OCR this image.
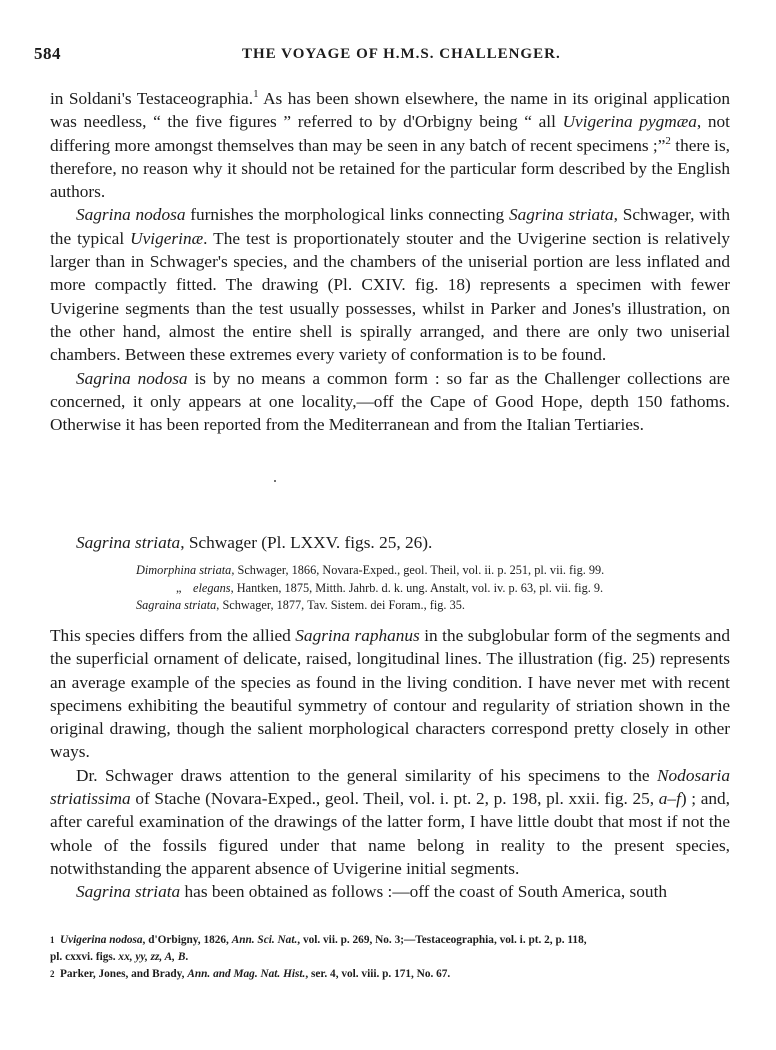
584	THE VOYAGE OF H.M.S. CHALLENGER.

in Soldani's Testaceographia.$^1$ As has been shown elsewhere, the name in its original application was needless, “ the five figures ” referred to by d'Orbigny being “ all Uvigerina pygmæa, not differing more amongst themselves than may be seen in any batch of recent specimens ;”$^2$ there is, therefore, no reason why it should not be retained for the particular form described by the English authors.

Sagrina nodosa furnishes the morphological links connecting Sagrina striata, Schwager, with the typical Uvigerinæ. The test is proportionately stouter and the Uvigerine section is relatively larger than in Schwager's species, and the chambers of the uniserial portion are less inflated and more compactly fitted. The drawing (Pl. CXIV. fig. 18) represents a specimen with fewer Uvigerine segments than the test usually possesses, whilst in Parker and Jones's illustration, on the other hand, almost the entire shell is spirally arranged, and there are only two uniserial chambers. Between these extremes every variety of conformation is to be found.

Sagrina nodosa is by no means a common form : so far as the Challenger collections are concerned, it only appears at one locality,—off the Cape of Good Hope, depth 150 fathoms. Otherwise it has been reported from the Mediterranean and from the Italian Tertiaries.

Sagrina striata, Schwager (Pl. LXXV. figs. 25, 26).
Dimorphina striata, Schwager, 1866, Novara-Exped., geol. Theil, vol. ii. p. 251, pl. vii. fig. 99.
„ elegans, Hantken, 1875, Mitth. Jahrb. d. k. ung. Anstalt, vol. iv. p. 63, pl. vii. fig. 9.
Sagraina striata, Schwager, 1877, Tav. Sistem. dei Foram., fig. 35.

This species differs from the allied Sagrina raphanus in the subglobular form of the segments and the superficial ornament of delicate, raised, longitudinal lines. The illustration (fig. 25) represents an average example of the species as found in the living condition. I have never met with recent specimens exhibiting the beautiful symmetry of contour and regularity of striation shown in the original drawing, though the salient morphological characters correspond pretty closely in other ways.

Dr. Schwager draws attention to the general similarity of his specimens to the Nodosaria striatissima of Stache (Novara-Exped., geol. Theil, vol. i. pt. 2, p. 198, pl. xxii. fig. 25, a–f) ; and, after careful examination of the drawings of the latter form, I have little doubt that most if not the whole of the fossils figured under that name belong in reality to the present species, notwithstanding the apparent absence of Uvigerine initial segments.

Sagrina striata has been obtained as follows :—off the coast of South America, south

1 Uvigerina nodosa, d'Orbigny, 1826, Ann. Sci. Nat., vol. vii. p. 269, No. 3;—Testaceographia, vol. i. pt. 2, p. 118,
pl. cxxvi. figs. xx, yy, zz, A, B.
2 Parker, Jones, and Brady, Ann. and Mag. Nat. Hist., ser. 4, vol. viii. p. 171, No. 67.
